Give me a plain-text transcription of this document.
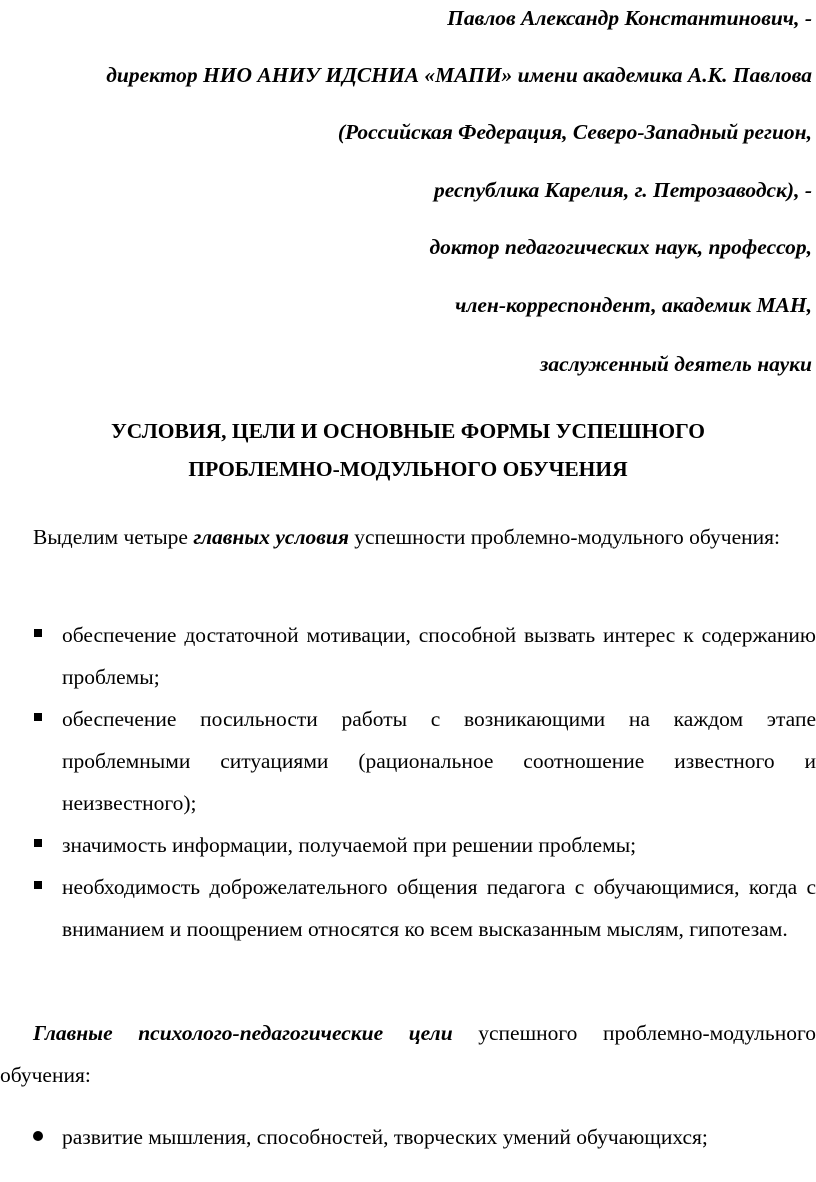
Павлов Александр Константинович, -
директор НИО АНИУ ИДСНИА «МАПИ» имени академика А.К. Павлова
(Российская Федерация, Северо-Западный регион,
республика Карелия, г. Петрозаводск), -
доктор педагогических наук, профессор,
член-корреспондент, академик МАН,
заслуженный деятель науки
УСЛОВИЯ, ЦЕЛИ И ОСНОВНЫЕ ФОРМЫ УСПЕШНОГО
ПРОБЛЕМНО-МОДУЛЬНОГО ОБУЧЕНИЯ
Выделим четыре главных условия успешности проблемно-модульного обучения:
обеспечение достаточной мотивации, способной вызвать интерес к содержанию проблемы;
обеспечение посильности работы с возникающими на каждом этапе проблемными ситуациями (рациональное соотношение известного и неизвестного);
значимость информации, получаемой при решении проблемы;
необходимость доброжелательного общения педагога с обучающимися, когда с вниманием и поощрением относятся ко всем высказанным мыслям, гипотезам.
Главные психолого-педагогические цели успешного проблемно-модульного обучения:
развитие мышления, способностей, творческих умений обучающихся;
